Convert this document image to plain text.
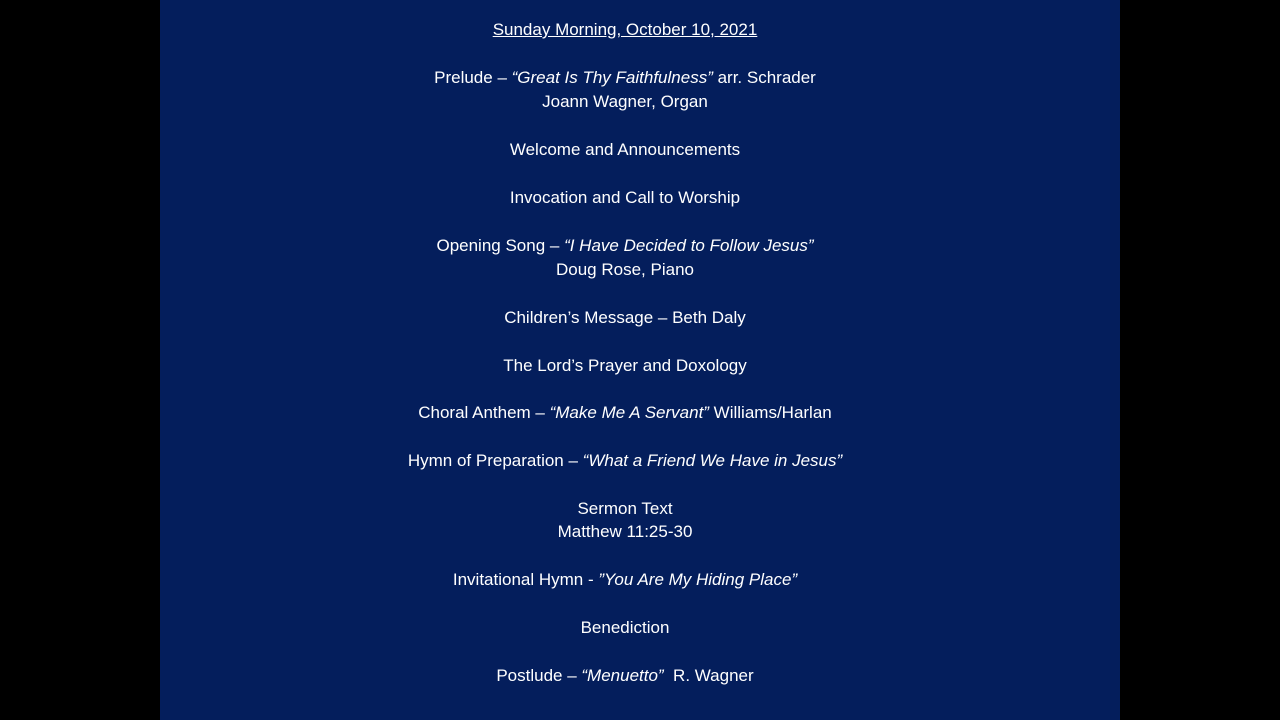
Sunday Morning, October 10, 2021
Prelude – “Great Is Thy Faithfulness” arr. Schrader
Joann Wagner, Organ
Welcome and Announcements
Invocation and Call to Worship
Opening Song – “I Have Decided to Follow Jesus”
Doug Rose, Piano
Children’s Message – Beth Daly
The Lord’s Prayer and Doxology
Choral Anthem – “Make Me A Servant” Williams/Harlan
Hymn of Preparation – “What a Friend We Have in Jesus”
Sermon Text
Matthew 11:25-30
Invitational Hymn - ”You Are My Hiding Place”
Benediction
Postlude – “Menuetto”  R. Wagner
